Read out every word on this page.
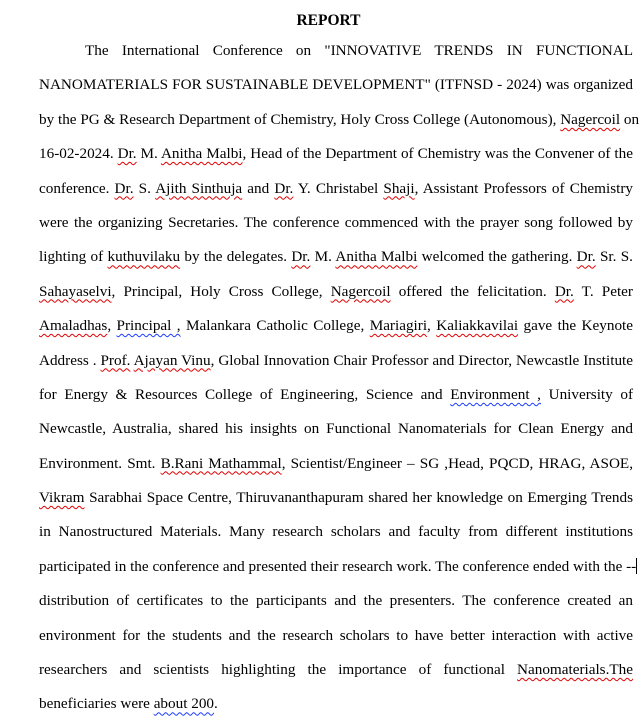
REPORT
The International Conference on "INNOVATIVE TRENDS IN FUNCTIONAL
NANOMATERIALS FOR SUSTAINABLE DEVELOPMENT" (ITFNSD - 2024) was organized
by the PG & Research Department of Chemistry, Holy Cross College (Autonomous), Nagercoil on
16-02-2024. Dr. M. Anitha Malbi, Head of the Department of Chemistry was the Convener of the
conference. Dr. S. Ajith Sinthuja and Dr. Y. Christabel Shaji, Assistant Professors of Chemistry
were the organizing Secretaries. The conference commenced with the prayer song followed by
lighting of kuthuvilaku by the delegates. Dr. M. Anitha Malbi welcomed the gathering. Dr. Sr. S.
Sahayaselvi, Principal, Holy Cross College, Nagercoil offered the felicitation. Dr. T. Peter
Amaladhas, Principal , Malankara Catholic College, Mariagiri, Kaliakkavilai gave the Keynote
Address . Prof. Ajayan Vinu, Global Innovation Chair Professor and Director, Newcastle Institute
for Energy & Resources College of Engineering, Science and Environment , University of
Newcastle, Australia, shared his insights on Functional Nanomaterials for Clean Energy and
Environment. Smt. B.Rani Mathammal, Scientist/Engineer – SG ,Head, PQCD, HRAG, ASOE,
Vikram Sarabhai Space Centre, Thiruvananthapuram shared her knowledge on Emerging Trends
in Nanostructured Materials. Many research scholars and faculty from different institutions
participated in the conference and presented their research work. The conference ended with the --
distribution of certificates to the participants and the presenters. The conference created an
environment for the students and the research scholars to have better interaction with active
researchers and scientists highlighting the importance of functional Nanomaterials.The
beneficiaries were about 200.
